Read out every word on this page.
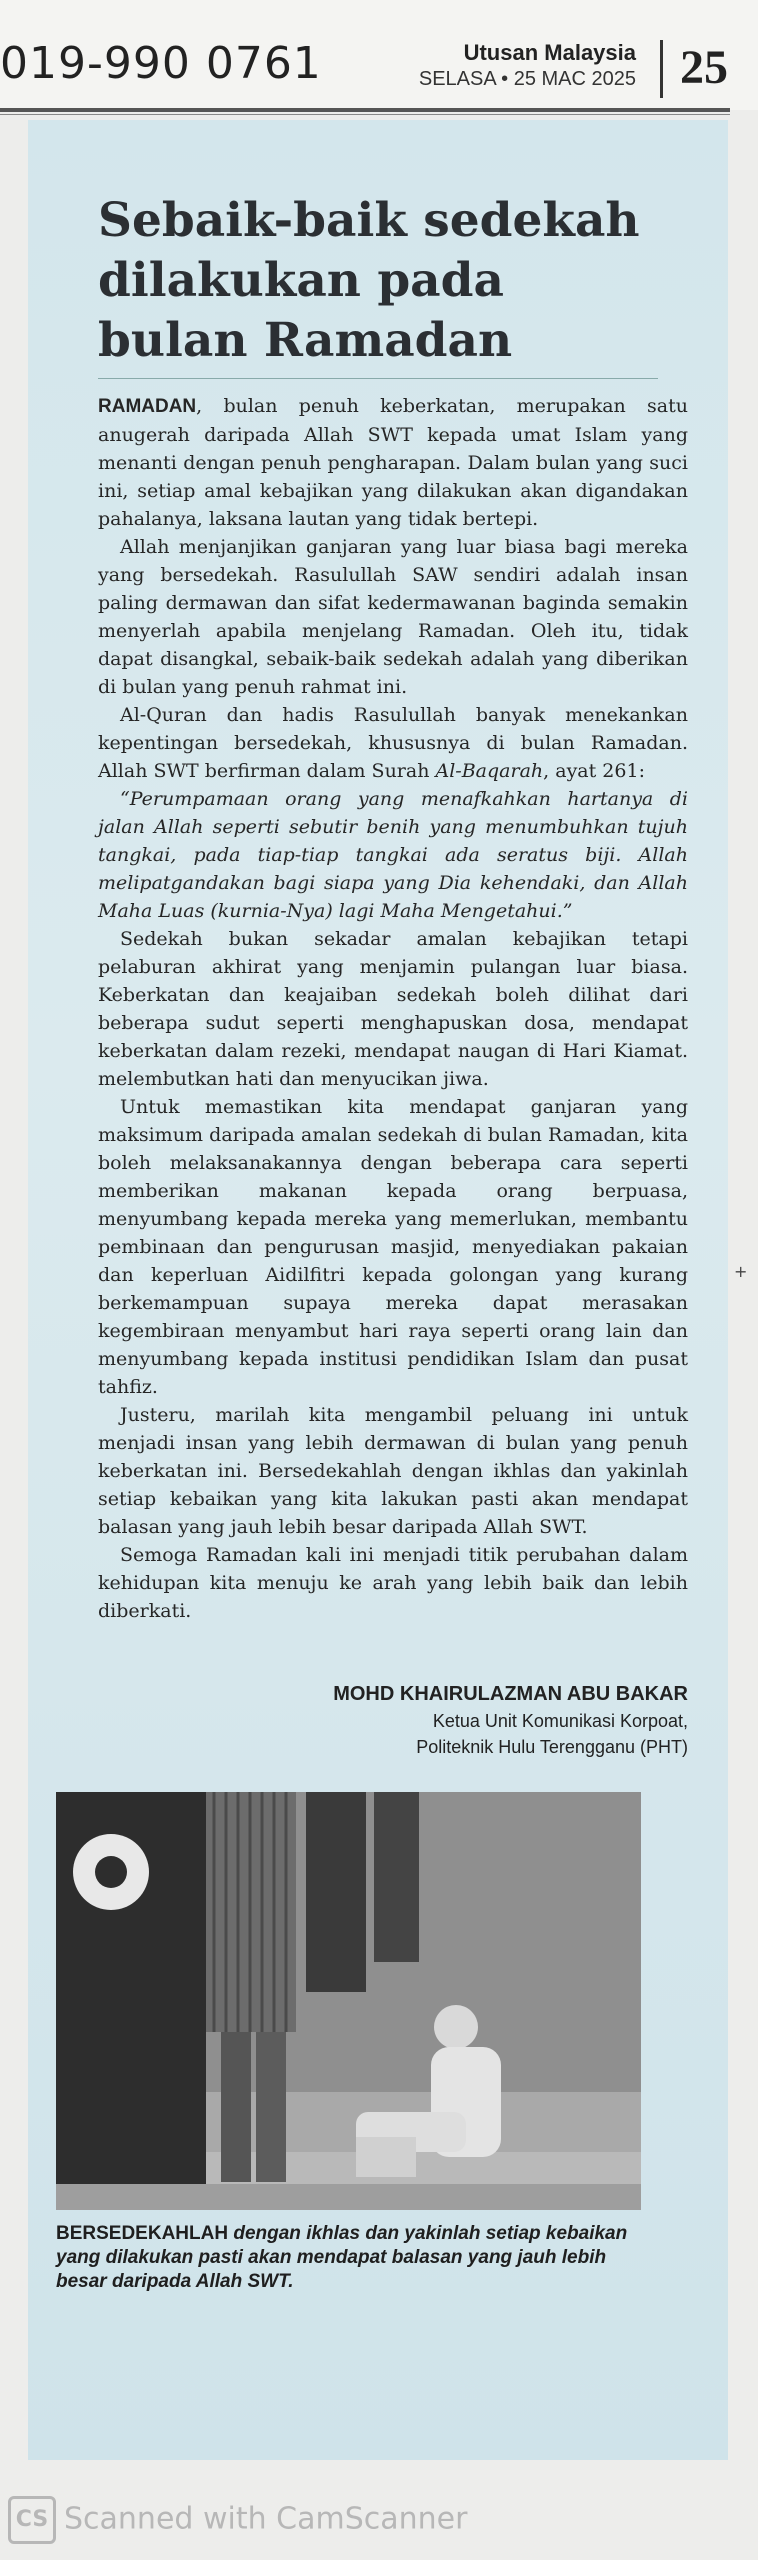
019-990 0761	Utusan Malaysia
SELASA • 25 MAC 2025 25
Sebaik-baik sedekah dilakukan pada bulan Ramadan

RAMADAN, bulan penuh keberkatan, merupakan satu anugerah daripada Allah SWT kepada umat Islam yang menanti dengan penuh pengharapan. Dalam bulan yang suci ini, setiap amal kebajikan yang dilakukan akan digandakan pahalanya, laksana lautan yang tidak bertepi.

Allah menjanjikan ganjaran yang luar biasa bagi mereka yang bersedekah. Rasulullah SAW sendiri adalah insan paling dermawan dan sifat kedermawanan baginda semakin menyerlah apabila menjelang Ramadan. Oleh itu, tidak dapat disangkal, sebaik-baik sedekah adalah yang diberikan di bulan yang penuh rahmat ini.

Al-Quran dan hadis Rasulullah banyak menekankan kepentingan bersedekah, khususnya di bulan Ramadan. Allah SWT berfirman dalam Surah Al-Baqarah, ayat 261:

“Perumpamaan orang yang menafkahkan hartanya di jalan Allah seperti sebutir benih yang menumbuhkan tujuh tangkai, pada tiap-tiap tangkai ada seratus biji. Allah melipatgandakan bagi siapa yang Dia kehendaki, dan Allah Maha Luas (kurnia-Nya) lagi Maha Mengetahui.”

Sedekah bukan sekadar amalan kebajikan tetapi pelaburan akhirat yang menjamin pulangan luar biasa. Keberkatan dan keajaiban sedekah boleh dilihat dari beberapa sudut seperti menghapuskan dosa, mendapat keberkatan dalam rezeki, mendapat naugan di Hari Kiamat. melembutkan hati dan menyucikan jiwa.

Untuk memastikan kita mendapat ganjaran yang maksimum daripada amalan sedekah di bulan Ramadan, kita boleh melaksanakannya dengan beberapa cara seperti memberikan makanan kepada orang berpuasa, menyumbang kepada mereka yang memerlukan, membantu pembinaan dan pengurusan masjid, menyediakan pakaian dan keperluan Aidilfitri kepada golongan yang kurang berkemampuan supaya mereka dapat merasakan kegembiraan menyambut hari raya seperti orang lain dan menyumbang kepada institusi pendidikan Islam dan pusat tahfiz.

Justeru, marilah kita mengambil peluang ini untuk menjadi insan yang lebih dermawan di bulan yang penuh keberkatan ini. Bersedekahlah dengan ikhlas dan yakinlah setiap kebaikan yang kita lakukan pasti akan mendapat balasan yang jauh lebih besar daripada Allah SWT.

Semoga Ramadan kali ini menjadi titik perubahan dalam kehidupan kita menuju ke arah yang lebih baik dan lebih diberkati.

MOHD KHAIRULAZMAN ABU BAKAR
Ketua Unit Komunikasi Korpoat,
Politeknik Hulu Terengganu (PHT)
BERSEDEKAHLAH dengan ikhlas dan yakinlah setiap kebaikan yang dilakukan pasti akan mendapat balasan yang jauh lebih besar daripada Allah SWT.
+
CS Scanned with CamScanner
